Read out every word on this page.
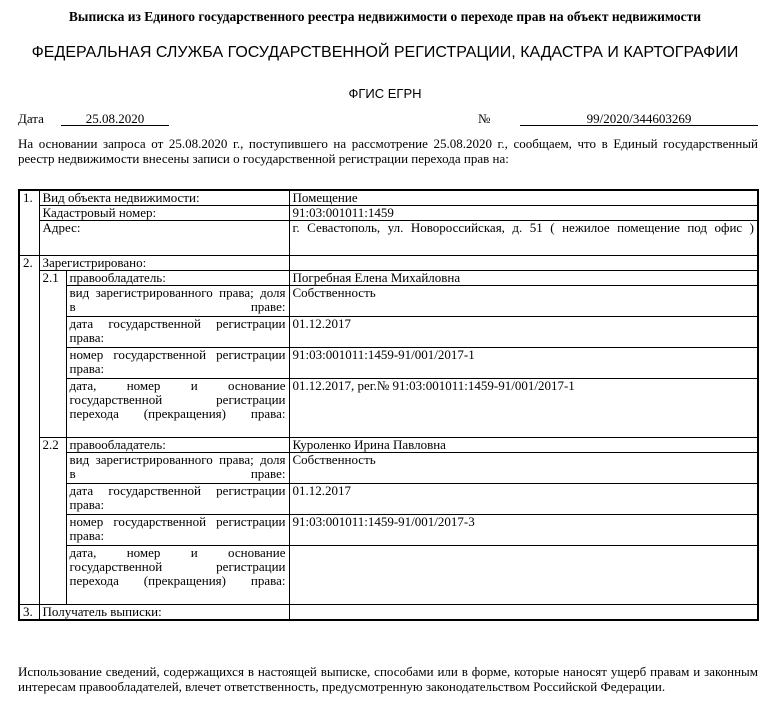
Выписка из Единого государственного реестра недвижимости о переходе прав на объект недвижимости
ФЕДЕРАЛЬНАЯ СЛУЖБА ГОСУДАРСТВЕННОЙ РЕГИСТРАЦИИ, КАДАСТРА И КАРТОГРАФИИ
ФГИС ЕГРН
Дата	25.08.2020	№	99/2020/344603269
На основании запроса от 25.08.2020 г., поступившего на рассмотрение 25.08.2020 г., сообщаем, что в Единый государственный реестр недвижимости внесены записи о государственной регистрации перехода прав на:
1.	Вид объекта недвижимости:		Помещение
	Кадастровый номер:		91:03:001011:1459
	Адрес:		г. Севастополь, ул. Новороссийская, д. 51 ( нежилое помещение под офис )
2.	Зарегистрировано:		
	2.1	правообладатель:	Погребная Елена Михайловна
		вид зарегистрированного права; доля в праве:	Собственность
		дата государственной регистрации права:	01.12.2017
		номер государственной регистрации права:	91:03:001011:1459-91/001/2017-1
		дата, номер и основание государственной регистрации перехода (прекращения) права:	01.12.2017, рег.№ 91:03:001011:1459-91/001/2017-1
	2.2	правообладатель:	Куроленко Ирина Павловна
		вид зарегистрированного права; доля в праве:	Собственность
		дата государственной регистрации права:	01.12.2017
		номер государственной регистрации права:	91:03:001011:1459-91/001/2017-3
		дата, номер и основание государственной регистрации перехода (прекращения) права:	
3.	Получатель выписки:		
Использование сведений, содержащихся в настоящей выписке, способами или в форме, которые наносят ущерб правам и законным интересам правообладателей, влечет ответственность, предусмотренную законодательством Российской Федерации.
